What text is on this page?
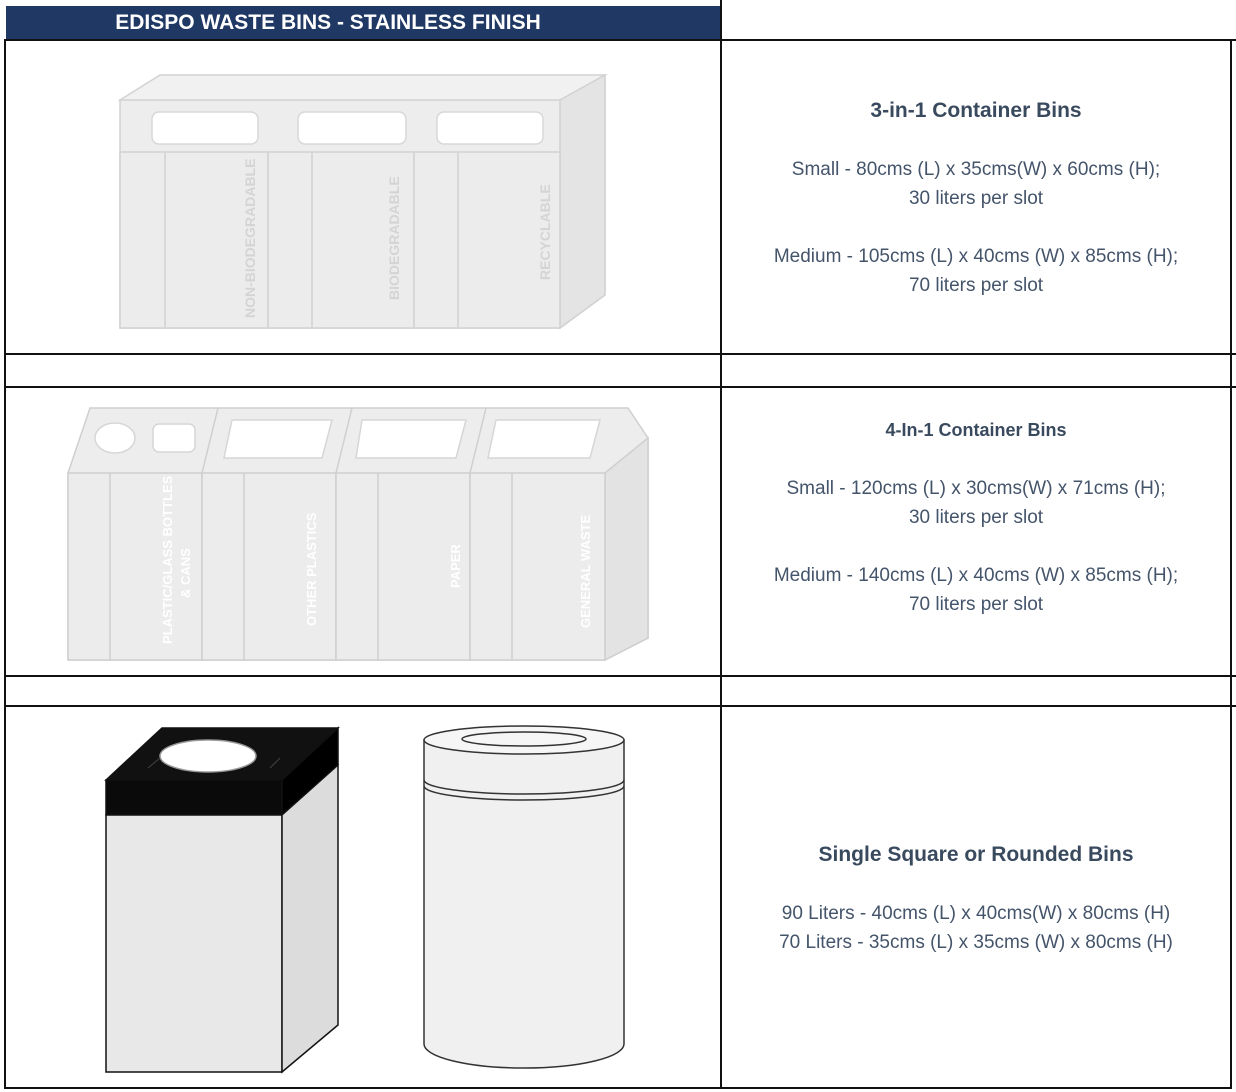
EDISPO WASTE BINS - STAINLESS FINISH
NON-BIODEGRADABLE	BIODEGRADABLE	RECYCLABLE
3-in-1 Container Bins
Small - 80cms (L) x 35cms(W) x 60cms (H);
30 liters per slot
Medium - 105cms (L) x 40cms (W) x 85cms (H);
70 liters per slot
PLASTIC/GLASS BOTTLES & CANS	OTHER PLASTICS	PAPER	GENERAL WASTE
4-In-1 Container Bins
Small - 120cms (L) x 30cms(W) x 71cms (H);
30 liters per slot
Medium - 140cms (L) x 40cms (W) x 85cms (H);
70 liters per slot
Single Square or Rounded Bins
90 Liters - 40cms (L) x 40cms(W) x 80cms (H)
70 Liters - 35cms (L) x 35cms (W) x 80cms (H)
